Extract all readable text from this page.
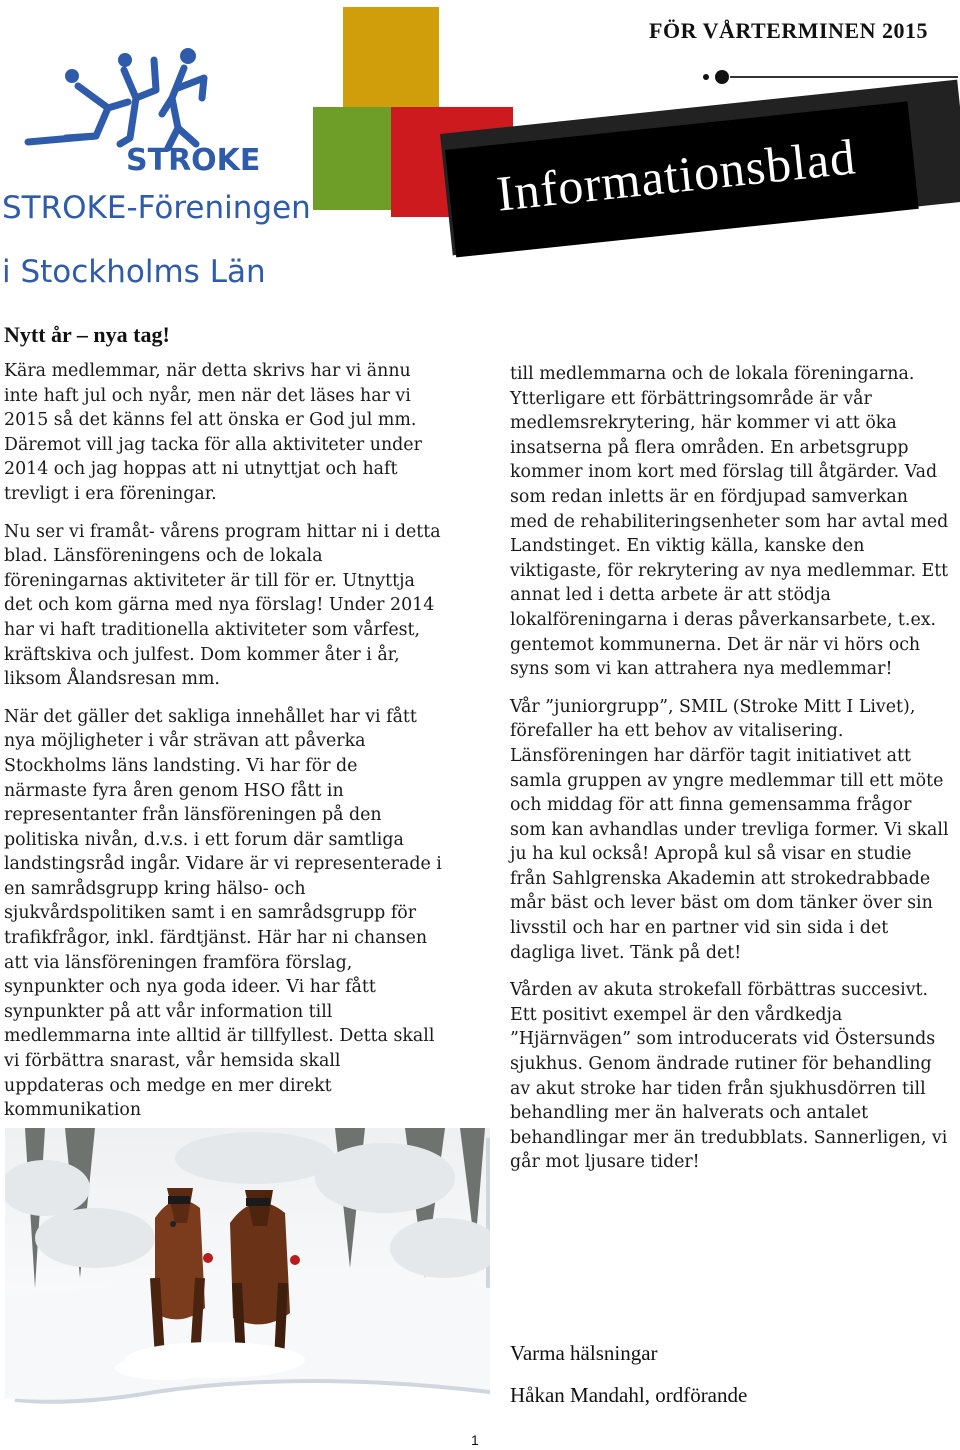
FÖR VÅRTERMINEN 2015
Informationsblad
STROKE
STROKE-Föreningen
i Stockholms Län
Nytt år – nya tag!

Kära medlemmar, när detta skrivs har vi ännu inte haft jul och nyår, men när det läses har vi 2015 så det känns fel att önska er God jul mm. Däremot vill jag tacka för alla aktiviteter under 2014 och jag hoppas att ni utnyttjat och haft trevligt i era föreningar.

Nu ser vi framåt- vårens program hittar ni i detta blad. Länsföreningens och de lokala föreningarnas aktiviteter är till för er. Utnyttja det och kom gärna med nya förslag! Under 2014 har vi haft traditionella aktiviteter som vårfest, kräftskiva och julfest. Dom kommer åter i år, liksom Ålandsresan mm.

När det gäller det sakliga innehållet har vi fått nya möjligheter i vår strävan att påverka Stockholms läns landsting. Vi har för de närmaste fyra åren genom HSO fått in representanter från länsföreningen på den politiska nivån, d.v.s. i ett forum där samtliga landstingsråd ingår. Vidare är vi representerade i en samrådsgrupp kring hälso- och sjukvårdspolitiken samt i en samrådsgrupp för trafikfrågor, inkl. färdtjänst. Här har ni chansen att via länsföreningen framföra förslag, synpunkter och nya goda ideer. Vi har fått synpunkter på att vår information till medlemmarna inte alltid är tillfyllest. Detta skall vi förbättra snarast, vår hemsida skall uppdateras och medge en mer direkt kommunikation

till medlemmarna och de lokala föreningarna. Ytterligare ett förbättringsområde är vår medlemsrekrytering, här kommer vi att öka insatserna på flera områden. En arbetsgrupp kommer inom kort med förslag till åtgärder. Vad som redan inletts är en fördjupad samverkan med de rehabiliteringsenheter som har avtal med Landstinget. En viktig källa, kanske den viktigaste, för rekrytering av nya medlemmar. Ett annat led i detta arbete är att stödja lokalföreningarna i deras påverkansarbete, t.ex. gentemot kommunerna. Det är när vi hörs och syns som vi kan attrahera nya medlemmar!

Vår ”juniorgrupp”, SMIL (Stroke Mitt I Livet), förefaller ha ett behov av vitalisering. Länsföreningen har därför tagit initiativet att samla gruppen av yngre medlemmar till ett möte och middag för att finna gemensamma frågor som kan avhandlas under trevliga former. Vi skall ju ha kul också! Apropå kul så visar en studie från Sahlgrenska Akademin att strokedrabbade mår bäst och lever bäst om dom tänker över sin livsstil och har en partner vid sin sida i det dagliga livet. Tänk på det!

Vården av akuta strokefall förbättras succesivt. Ett positivt exempel är den vårdkedja ”Hjärnvägen” som introducerats vid Östersunds sjukhus. Genom ändrade rutiner för behandling av akut stroke har tiden från sjukhusdörren till behandling mer än halverats och antalet behandlingar mer än tredubblats. Sannerligen, vi går mot ljusare tider!

Varma hälsningar
Håkan Mandahl, ordförande
1
